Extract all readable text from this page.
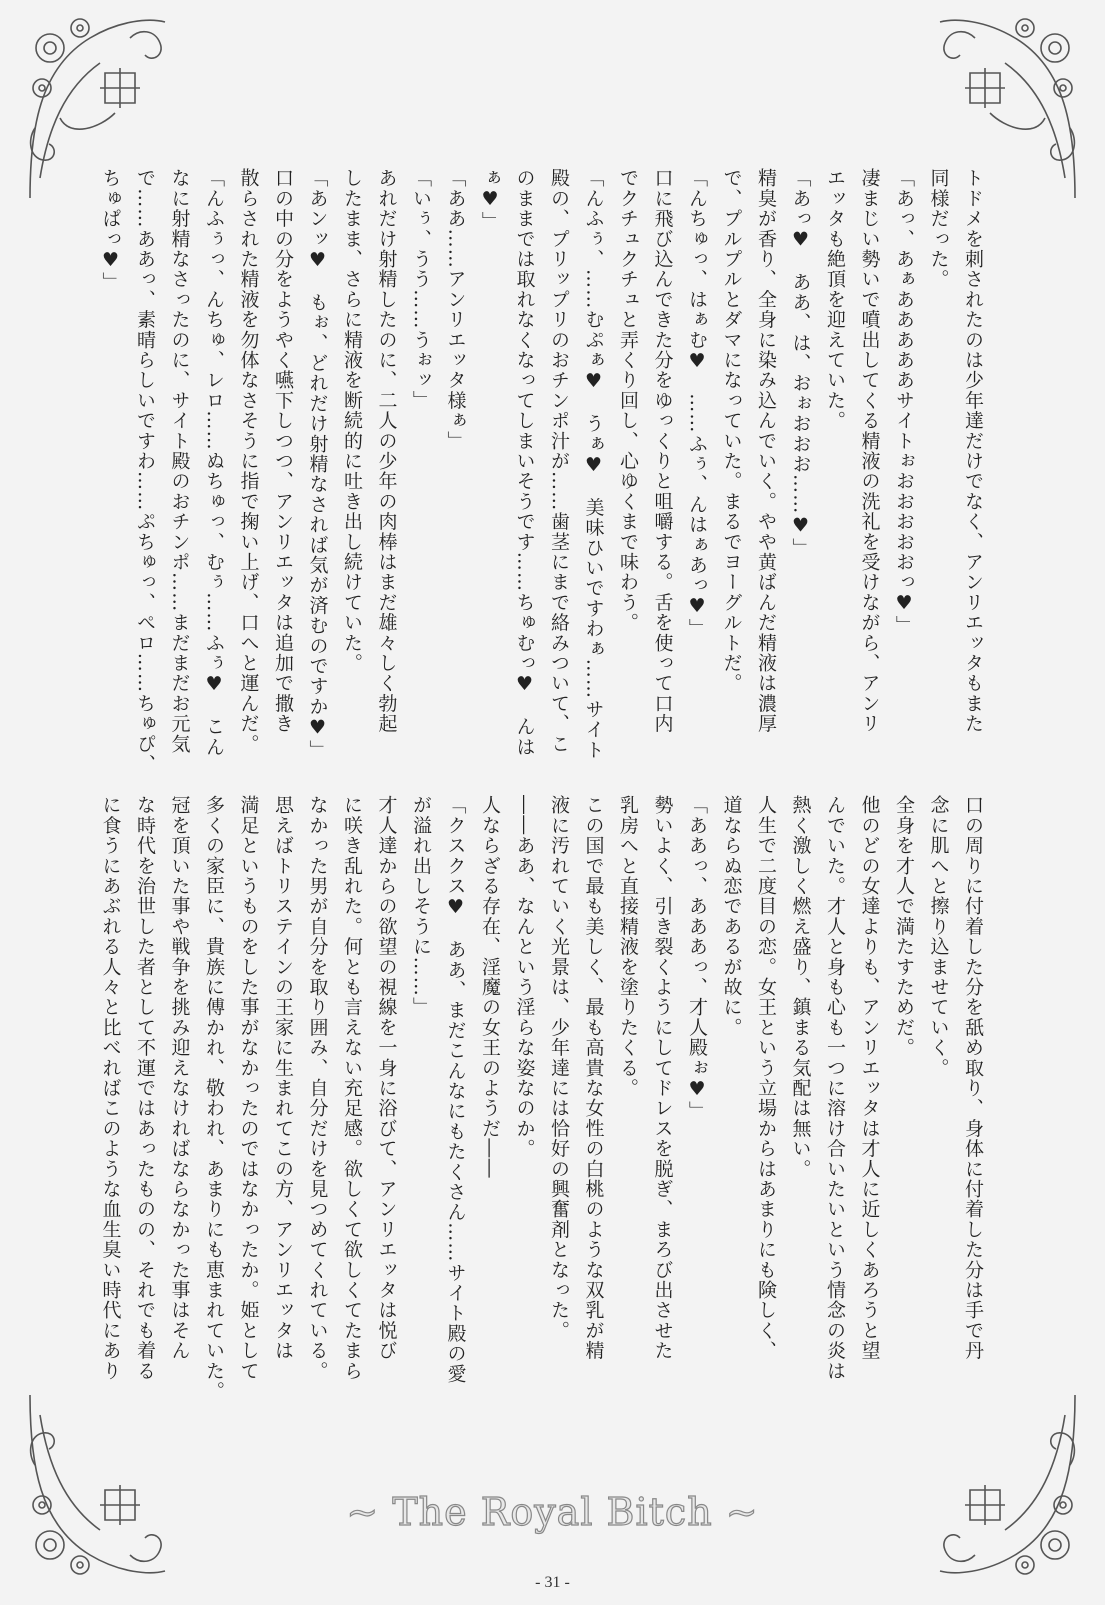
トドメを刺されたのは少年達だけでなく、アンリエッタもまた

同様だった。

「あっ、あぁあああああサイトぉおおおおおっ♥」

凄まじい勢いで噴出してくる精液の洗礼を受けながら、アンリ

エッタも絶頂を迎えていた。

「あっ♥　ああ、は、おぉおおお……♥」

精臭が香り、全身に染み込んでいく。やや黄ばんだ精液は濃厚

で、プルプルとダマになっていた。まるでヨーグルトだ。

「んちゅっ、はぁむ♥　……ふぅ、んはぁあっ♥」

口に飛び込んできた分をゆっくりと咀嚼する。舌を使って口内

でクチュクチュと弄くり回し、心ゆくまで味わう。

「んふぅ、……むぷぁ♥　うぁ♥　美味ひいですわぁ……サイト

殿の、プリップリのおチンポ汁が……歯茎にまで絡みついて、こ

のままでは取れなくなってしまいそうです……ちゅむっ♥　んは

ぁ♥」

「ああ……アンリエッタ様ぁ」

「いぅ、うう……うぉッ」

あれだけ射精したのに、二人の少年の肉棒はまだ雄々しく勃起

したまま、さらに精液を断続的に吐き出し続けていた。

「あンッ♥　もぉ、どれだけ射精なされば気が済むのですか♥」

口の中の分をようやく嚥下しつつ、アンリエッタは追加で撒き

散らされた精液を勿体なさそうに指で掬い上げ、口へと運んだ。

「んふぅっ、んちゅ、レロ……ぬちゅっ、むぅ……ふぅ♥　こん

なに射精なさったのに、サイト殿のおチンポ……まだまだお元気

で……ああっ、素晴らしいですわ……ぷちゅっ、ぺロ……ちゅぴ、

ちゅぱっ♥」

口の周りに付着した分を舐め取り、身体に付着した分は手で丹

念に肌へと擦り込ませていく。

全身を才人で満たすためだ。

他のどの女達よりも、アンリエッタは才人に近しくあろうと望

んでいた。才人と身も心も一つに溶け合いたいという情念の炎は

熱く激しく燃え盛り、鎮まる気配は無い。

人生で二度目の恋。女王という立場からはあまりにも険しく、

道ならぬ恋であるが故に。

「ああっ、あああっ、才人殿ぉ♥」

勢いよく、引き裂くようにしてドレスを脱ぎ、まろび出させた

乳房へと直接精液を塗りたくる。

この国で最も美しく、最も高貴な女性の白桃のような双乳が精

液に汚れていく光景は、少年達には恰好の興奮剤となった。

――ああ、なんという淫らな姿なのか。

人ならざる存在、淫魔の女王のようだ――

「クスクス♥　ああ、まだこんなにもたくさん……サイト殿の愛

が溢れ出しそうに……」

才人達からの欲望の視線を一身に浴びて、アンリエッタは悦び

に咲き乱れた。何とも言えない充足感。欲しくて欲しくてたまら

なかった男が自分を取り囲み、自分だけを見つめてくれている。

思えばトリステインの王家に生まれてこの方、アンリエッタは

満足というものをした事がなかったのではなかったか。姫として

多くの家臣に、貴族に傅かれ、敬われ、あまりにも恵まれていた。

冠を頂いた事や戦争を挑み迎えなければならなかった事はそん

な時代を治世した者として不運ではあったものの、それでも着る

に食うにあぶれる人々と比べればこのような血生臭い時代にあり

~ The Royal Bitch ~
- 31 -
